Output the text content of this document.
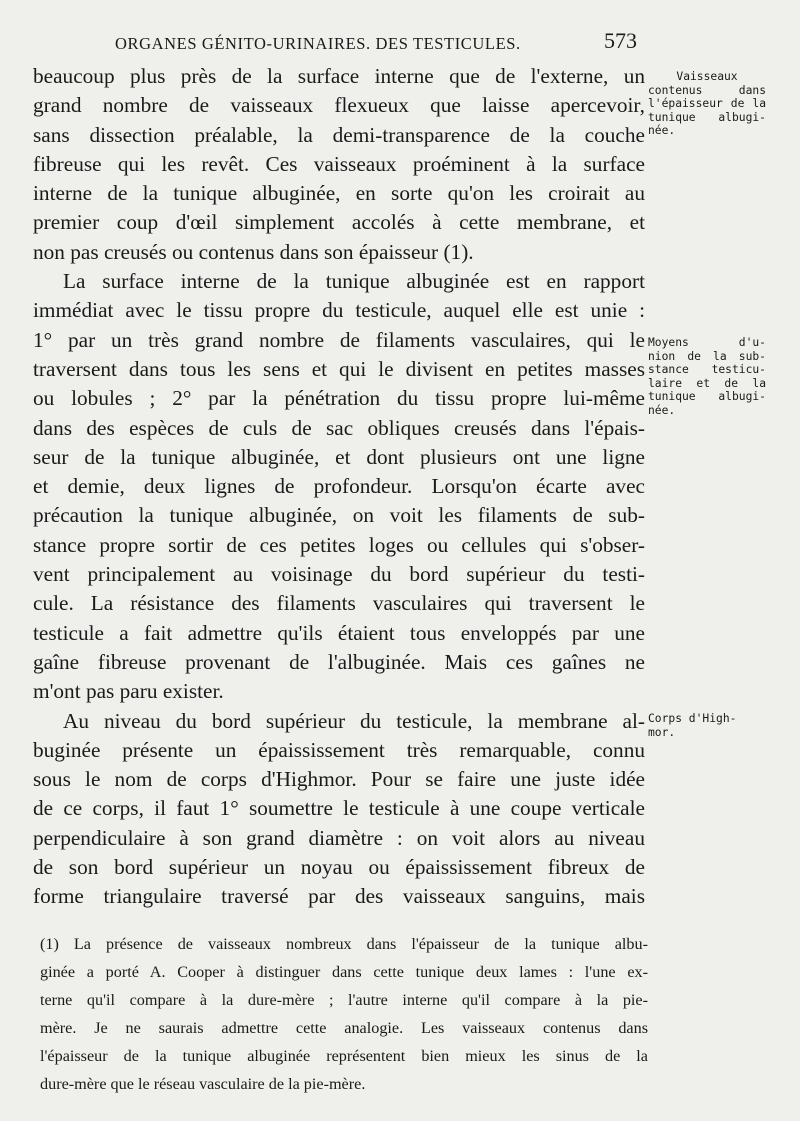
ORGANES GÉNITO-URINAIRES. DES TESTICULES.	573
beaucoup plus près de la surface interne que de l'externe, un
grand nombre de vaisseaux flexueux que laisse apercevoir,
sans dissection préalable, la demi-transparence de la couche
fibreuse qui les revêt. Ces vaisseaux proéminent à la surface
interne de la tunique albuginée, en sorte qu'on les croirait au
premier coup d'œil simplement accolés à cette membrane, et
non pas creusés ou contenus dans son épaisseur (1).
La surface interne de la tunique albuginée est en rapport
immédiat avec le tissu propre du testicule, auquel elle est unie :
1° par un très grand nombre de filaments vasculaires, qui le
traversent dans tous les sens et qui le divisent en petites masses
ou lobules ; 2° par la pénétration du tissu propre lui-même
dans des espèces de culs de sac obliques creusés dans l'épais-
seur de la tunique albuginée, et dont plusieurs ont une ligne
et demie, deux lignes de profondeur. Lorsqu'on écarte avec
précaution la tunique albuginée, on voit les filaments de sub-
stance propre sortir de ces petites loges ou cellules qui s'obser-
vent principalement au voisinage du bord supérieur du testi-
cule. La résistance des filaments vasculaires qui traversent le
testicule a fait admettre qu'ils étaient tous enveloppés par une
gaîne fibreuse provenant de l'albuginée. Mais ces gaînes ne
m'ont pas paru exister.
Au niveau du bord supérieur du testicule, la membrane al-
buginée présente un épaississement très remarquable, connu
sous le nom de corps d'Highmor. Pour se faire une juste idée
de ce corps, il faut 1° soumettre le testicule à une coupe verticale
perpendiculaire à son grand diamètre : on voit alors au niveau
de son bord supérieur un noyau ou épaississement fibreux de
forme triangulaire traversé par des vaisseaux sanguins, mais
Vaisseaux
contenus dans
l'épaisseur de la
tunique albugi-
née.
Moyens d'u-
nion de la sub-
stance testicu-
laire et de la
tunique albugi-
née.
Corps d'High-
mor.
(1) La présence de vaisseaux nombreux dans l'épaisseur de la tunique albu-
ginée a porté A. Cooper à distinguer dans cette tunique deux lames : l'une ex-
terne qu'il compare à la dure-mère ; l'autre interne qu'il compare à la pie-
mère. Je ne saurais admettre cette analogie. Les vaisseaux contenus dans
l'épaisseur de la tunique albuginée représentent bien mieux les sinus de la
dure-mère que le réseau vasculaire de la pie-mère.
